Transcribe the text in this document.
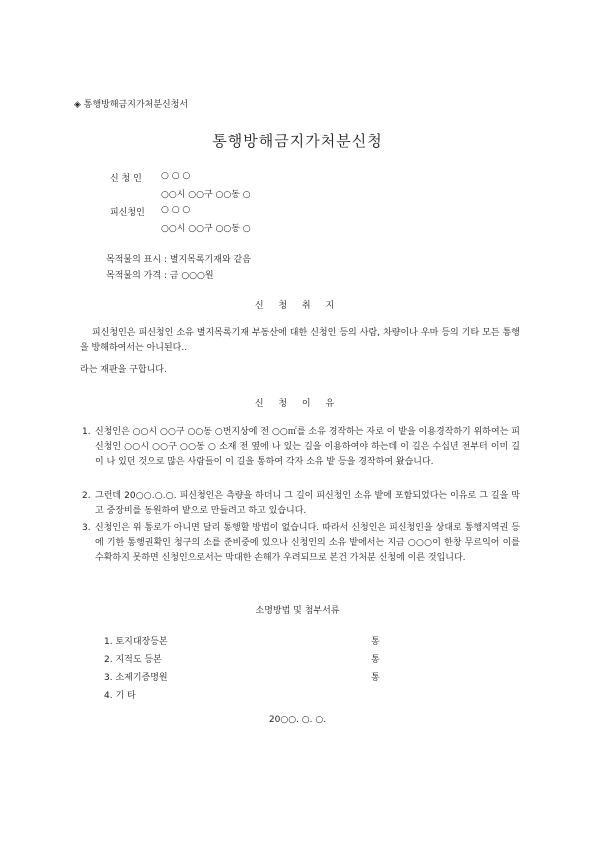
◈ 통행방해금지가처분신청서
통행방해금지가처분신청
신 청 인 ○ ○ ○
○○시 ○○구 ○○동 ○
피신청인 ○ ○ ○
○○시 ○○구 ○○동 ○
목적물의 표시 : 별지목록기재와 같음
목적물의 가격 : 금 ○○○원
신 청 취 지
피신청인은 피신청인 소유 별지목록기재 부동산에 대한 신청인 등의 사람, 차량이나 우마 등의 기타 모든 통행을 방해하여서는 아니된다..
라는 재판을 구합니다.
신 청 이 유
1. 신청인은 ○○시 ○○구 ○○동 ○번지상에 전 ○○㎡를 소유 경작하는 자로 이 밭을 이용경작하기 위하여는 피신청인 ○○시 ○○구 ○○동 ○ 소재 전 옆에 나 있는 길을 이용하여야 하는데 이 길은 수십년 전부터 이미 길이 나 있던 것으로 많은 사람들이 이 길을 통하여 각자 소유 밭 등을 경작하여 왔습니다.
2. 그런데 20○○.○.○. 피신청인은 측량을 하더니 그 길이 피신청인 소유 밭에 포함되었다는 이유로 그 길을 막고 중장비를 동원하여 밭으로 만들려고 하고 있습니다.
3. 신청인은 위 통로가 아니면 달리 통행할 방법이 없습니다. 따라서 신청인은 피신청인을 상대로 통행지역권 등에 기한 통행권확인 청구의 소를 준비중에 있으나 신청인의 소유 밭에서는 지금 ○○○이 한창 무르익어 이를 수확하지 못하면 신청인으로서는 막대한 손해가 우려되므로 본건 가처분 신청에 이른 것입니다.
소명방법 및 첨부서류
1. 토지대장등본	통
2. 지적도 등본	통
3. 소제기증명원	통
4. 기 타
20○○. ○. ○.
